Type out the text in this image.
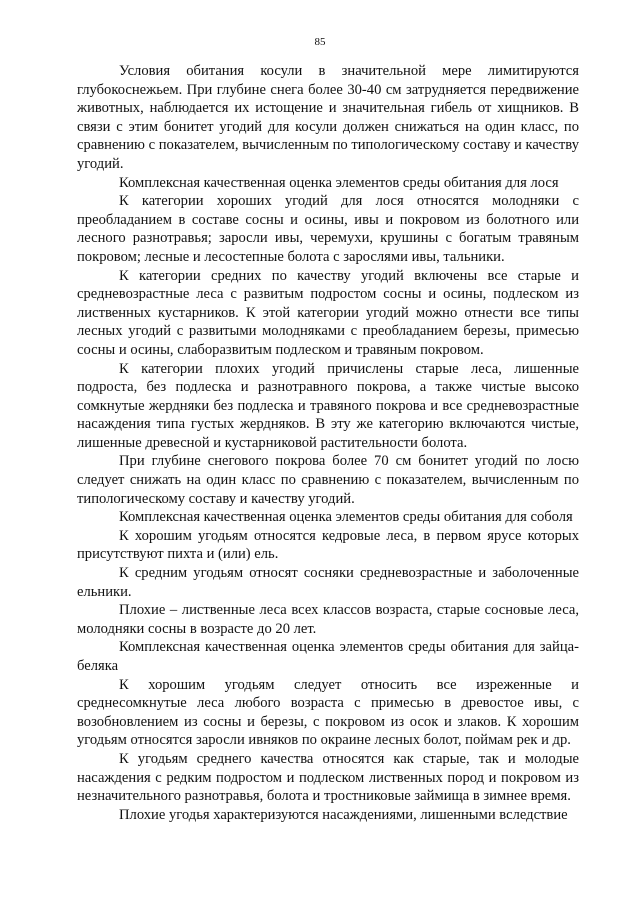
85

Условия обитания косули в значительной мере лимитируются глубокоснежьем. При глубине снега более 30-40 см затрудняется передвижение животных, наблюдается их истощение и значительная гибель от хищников. В связи с этим бонитет угодий для косули должен снижаться на один класс, по сравнению с показателем, вычисленным по типологическому составу и качеству угодий.

Комплексная качественная оценка элементов среды обитания для лося

К категории хороших угодий для лося относятся молодняки с преобладанием в составе сосны и осины, ивы и покровом из болотного или лесного разнотравья; заросли ивы, черемухи, крушины с богатым травяным покровом; лесные и лесостепные болота с зарослями ивы, тальники.

К категории средних по качеству угодий включены все старые и средневозрастные леса с развитым подростом сосны и осины, подлеском из лиственных кустарников. К этой категории угодий можно отнести все типы лесных угодий с развитыми молодняками с преобладанием березы, примесью сосны и осины, слаборазвитым подлеском и травяным покровом.

К категории плохих угодий причислены старые леса, лишенные подроста, без подлеска и разнотравного покрова, а также чистые высоко сомкнутые жердняки без подлеска и травяного покрова и все средневозрастные насаждения типа густых жердняков. В эту же категорию включаются чистые, лишенные древесной и кустарниковой растительности болота.

При глубине снегового покрова более 70 см бонитет угодий по лосю следует снижать на один класс по сравнению с показателем, вычисленным по типологическому составу и качеству угодий.

Комплексная качественная оценка элементов среды обитания для соболя

К хорошим угодьям относятся кедровые леса, в первом ярусе которых присутствуют пихта и (или) ель.

К средним угодьям относят сосняки средневозрастные и заболоченные ельники.

Плохие – лиственные леса всех классов возраста, старые сосновые леса, молодняки сосны в возрасте до 20 лет.

Комплексная качественная оценка элементов среды обитания для зайца-беляка

К хорошим угодьям следует относить все изреженные и среднесомкнутые леса любого возраста с примесью в древостое ивы, с возобновлением из сосны и березы, с покровом из осок и злаков. К хорошим угодьям относятся заросли ивняков по окраине лесных болот, поймам рек и др.

К угодьям среднего качества относятся как старые, так и молодые насаждения с редким подростом и подлеском лиственных пород и покровом из незначительного разнотравья, болота и тростниковые займища в зимнее время.

Плохие угодья характеризуются насаждениями, лишенными вследствие
